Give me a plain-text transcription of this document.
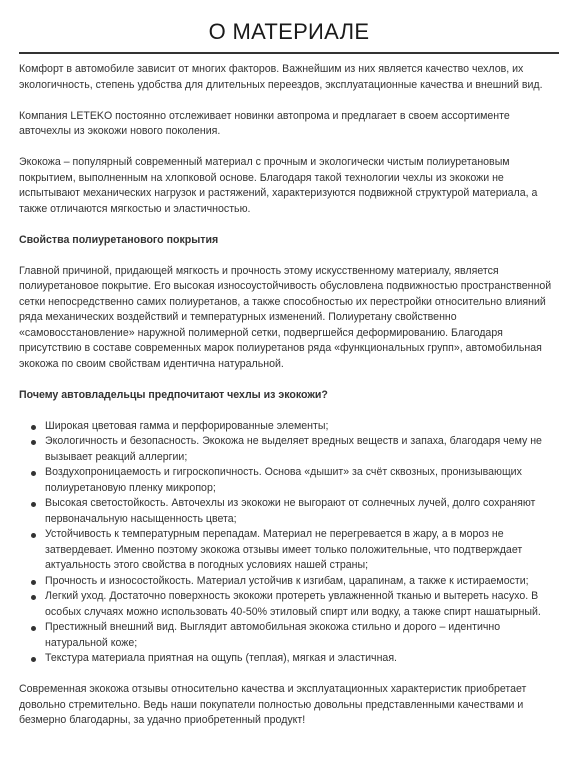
О МАТЕРИАЛЕ

Комфорт в автомобиле зависит от многих факторов. Важнейшим из них является качество чехлов, их экологичность, степень удобства для длительных переездов, эксплуатационные качества и внешний вид.

Компания LETEKO постоянно отслеживает новинки автопрома и предлагает в своем ассортименте авточехлы из экокожи нового поколения.

Экокожа – популярный современный материал с прочным и экологически чистым полиуретановым покрытием, выполненным на хлопковой основе. Благодаря такой технологии чехлы из экокожи не испытывают механических нагрузок и растяжений, характеризуются подвижной структурой материала, а также отличаются мягкостью и эластичностью.

Свойства полиуретанового покрытия

Главной причиной, придающей мягкость и прочность этому искусственному материалу, является полиуретановое покрытие. Его высокая износоустойчивость обусловлена подвижностью пространственной сетки непосредственно самих полиуретанов, а также способностью их перестройки относительно влияний ряда механических воздействий и температурных изменений. Полиуретану свойственно «самовосстановление» наружной полимерной сетки, подвергшейся деформированию. Благодаря присутствию в составе современных марок полиуретанов ряда «функциональных групп», автомобильная экокожа по своим свойствам идентична натуральной.

Почему автовладельцы предпочитают чехлы из экокожи?

Широкая цветовая гамма и перфорированные элементы;
Экологичность и безопасность. Экокожа не выделяет вредных веществ и запаха, благодаря чему не вызывает реакций аллергии;
Воздухопроницаемость и гигроскопичность. Основа «дышит» за счёт сквозных, пронизывающих полиуретановую пленку микропор;
Высокая светостойкость. Авточехлы из экокожи не выгорают от солнечных лучей, долго сохраняют первоначальную насыщенность цвета;
Устойчивость к температурным перепадам. Материал не перегревается в жару, а в мороз не затвердевает. Именно поэтому экокожа отзывы имеет только положительные, что подтверждает актуальность этого свойства в погодных условиях нашей страны;
Прочность и износостойкость. Материал устойчив к изгибам, царапинам, а также к истираемости;
Легкий уход. Достаточно поверхность экокожи протереть увлажненной тканью и вытереть насухо. В особых случаях можно использовать 40-50% этиловый спирт или водку, а также спирт нашатырный.
Престижный внешний вид. Выглядит автомобильная экокожа стильно и дорого – идентично натуральной коже;
Текстура материала приятная на ощупь (теплая), мягкая и эластичная.

Современная экокожа отзывы относительно качества и эксплуатационных характеристик приобретает довольно стремительно. Ведь наши покупатели полностью довольны представленными качествами и безмерно благодарны, за удачно приобретенный продукт!
